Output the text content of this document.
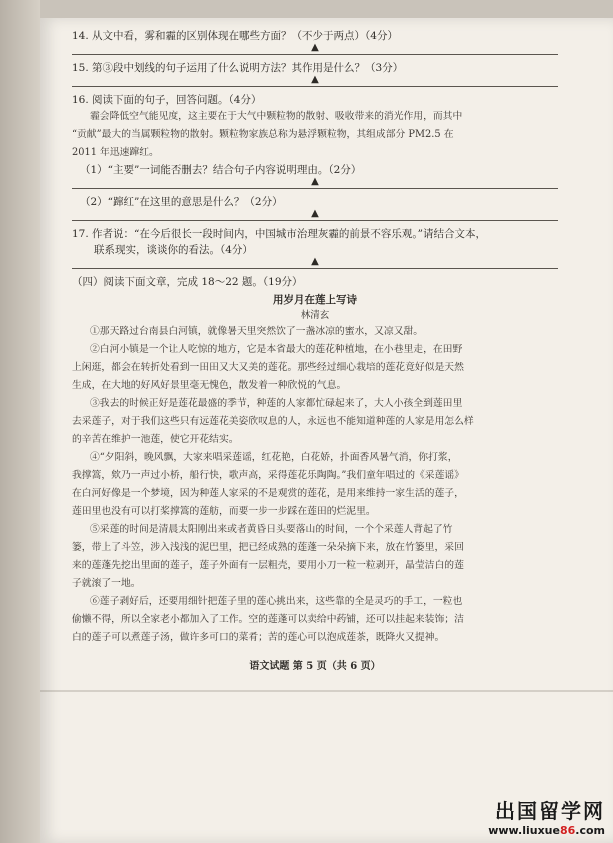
14. 从文中看，雾和霾的区别体现在哪些方面？（不少于两点）（4分）
▲
15. 第③段中划线的句子运用了什么说明方法？其作用是什么？（3分）
▲
16. 阅读下面的句子，回答问题。（4分）
霾会降低空气能见度，这主要在于大气中颗粒物的散射、吸收带来的消光作用，而其中
“贡献”最大的当属颗粒物的散射。颗粒物家族总称为悬浮颗粒物，其组成部分 PM2.5 在
2011 年迅速蹿红。
（1）“主要”一词能否删去？结合句子内容说明理由。（2分）
▲
（2）“蹿红”在这里的意思是什么？（2分）
▲
17. 作者说：“在今后很长一段时间内，中国城市治理灰霾的前景不容乐观。”请结合文本，
联系现实，谈谈你的看法。（4分）
▲
（四）阅读下面文章，完成 18～22 题。（19分）
用岁月在莲上写诗
林清玄
①那天路过台南县白河镇，就像暑天里突然饮了一盏冰凉的蜜水，又凉又甜。
②白河小镇是一个让人吃惊的地方，它是本省最大的莲花种植地，在小巷里走，在田野
上闲逛，都会在转折处看到一田田又大又美的莲花。那些经过细心栽培的莲花竟好似是天然
生成，在大地的好风好景里毫无愧色，散发着一种欣悦的气息。
③我去的时候正好是莲花最盛的季节，种莲的人家都忙碌起来了，大人小孩全到莲田里
去采莲子，对于我们这些只有远莲花美姿欣叹息的人，永远也不能知道种莲的人家是用怎么样
的辛苦在维护一池莲，使它开花结实。
④“夕阳斜，晚风飘，大家来唱采莲谣，红花艳，白花娇，扑面香风暑气消，你打浆，
我撑篙，欸乃一声过小桥，船行快，歌声高，采得莲花乐陶陶。”我们童年唱过的《采莲谣》
在白河好像是一个梦境，因为种莲人家采的不是观赏的莲花，是用来维持一家生活的莲子，
莲田里也没有可以打桨撑篙的莲舫，而要一步一步踩在莲田的烂泥里。
⑤采莲的时间是清晨太阳刚出来或者黄昏日头要落山的时间，一个个采莲人背起了竹
篓，带上了斗笠，涉入浅浅的泥巴里，把已经成熟的莲蓬一朵朵摘下来，放在竹篓里，采回
来的莲蓬先挖出里面的莲子，莲子外面有一层粗壳，要用小刀一粒一粒剥开，晶莹洁白的莲
子就滚了一地。
⑥莲子剥好后，还要用细针把莲子里的莲心挑出来，这些靠的全是灵巧的手工，一粒也
偷懒不得，所以全家老小都加入了工作。空的莲蓬可以卖给中药铺，还可以挂起来装饰；洁
白的莲子可以煮莲子汤，做许多可口的菜肴；苦的莲心可以泡成莲茶，既降火又提神。
语文试题 第 5 页（共 6 页）
出国留学网
www.liuxue86.com
